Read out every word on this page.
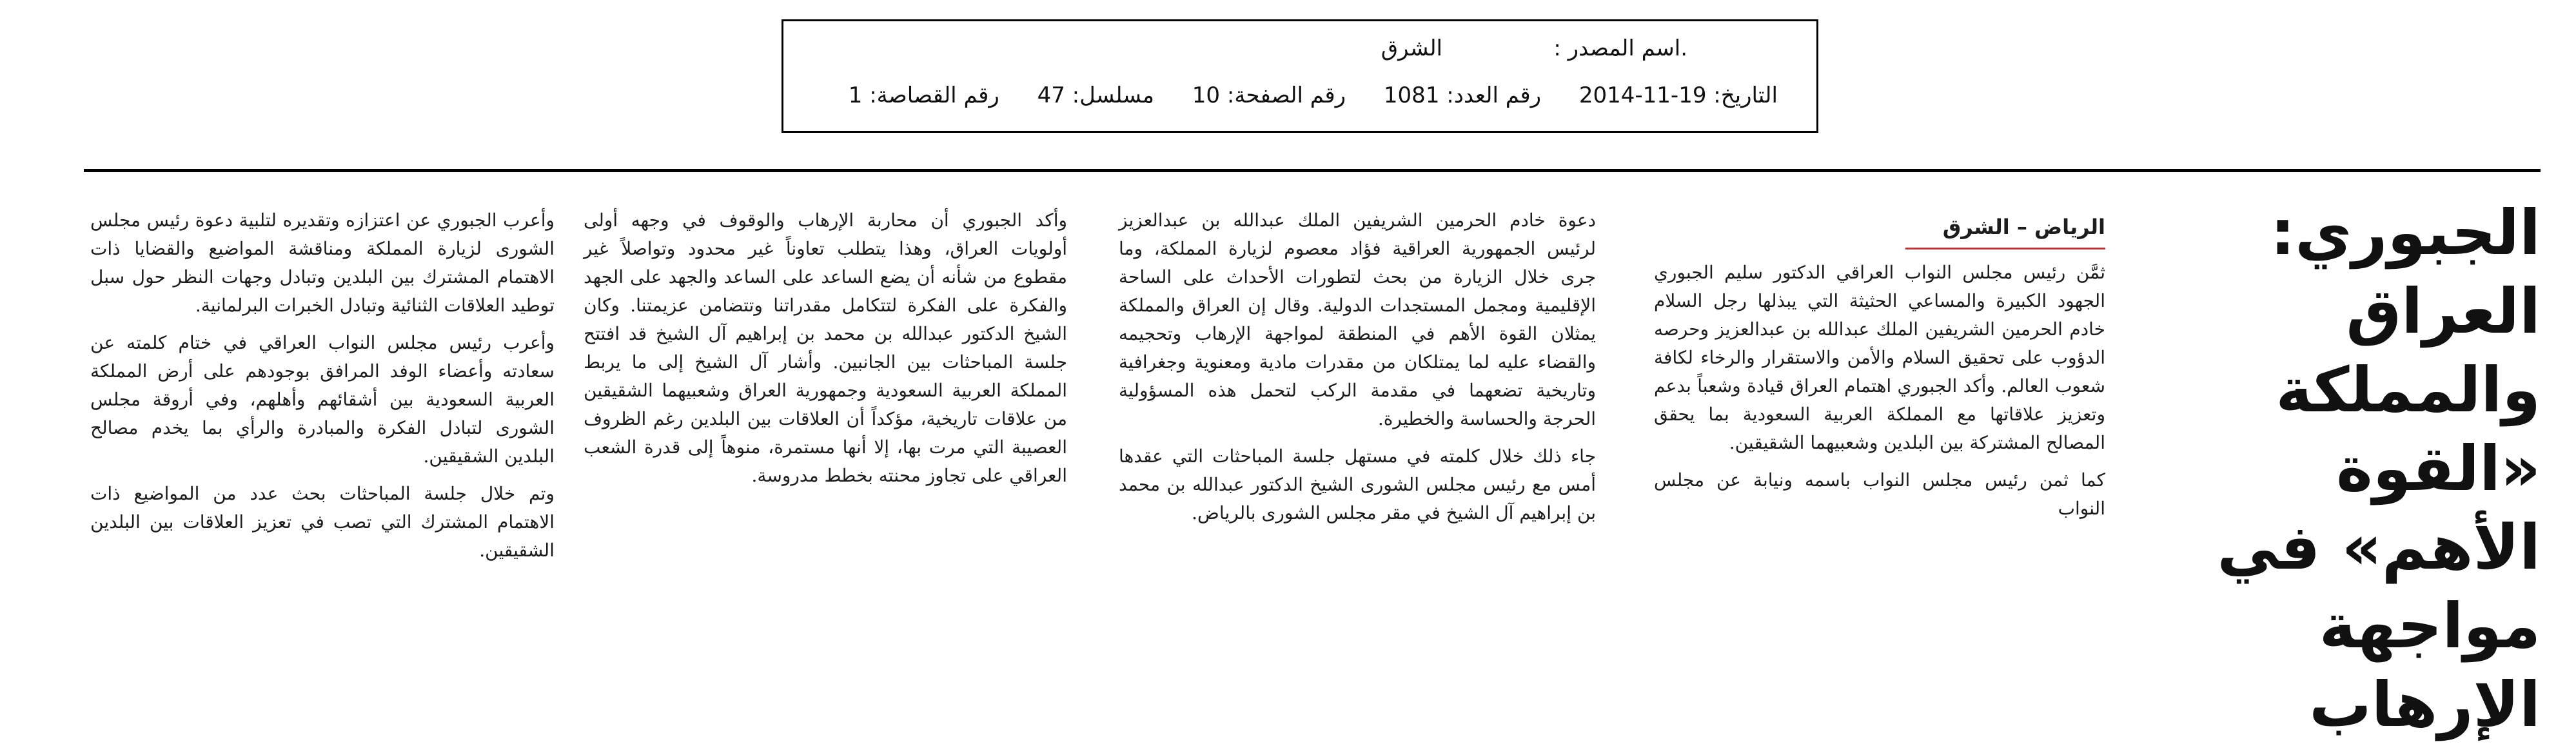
.اسم المصدر :
الشرق
التاريخ: 19-11-2014 رقم العدد: 1081 رقم الصفحة: 10 مسلسل: 47 رقم القصاصة: 1
الجبوري: العراق والمملكة «القوة الأهم» في مواجهة الإرهاب
الرياض – الشرق

ثمَّن رئيس مجلس النواب العراقي الدكتور سليم الجبوري الجهود الكبيرة والمساعي الحثيثة التي يبذلها رجل السلام خادم الحرمين الشريفين الملك عبدالله بن عبدالعزيز وحرصه الدؤوب على تحقيق السلام والأمن والاستقرار والرخاء لكافة شعوب العالم. وأكد الجبوري اهتمام العراق قيادة وشعباً بدعم وتعزيز علاقاتها مع المملكة العربية السعودية بما يحقق المصالح المشتركة بين البلدين وشعبيهما الشقيقين.

كما ثمن رئيس مجلس النواب باسمه ونيابة عن مجلس النواب

دعوة خادم الحرمين الشريفين الملك عبدالله بن عبدالعزيز لرئيس الجمهورية العراقية فؤاد معصوم لزيارة المملكة، وما جرى خلال الزيارة من بحث لتطورات الأحداث على الساحة الإقليمية ومجمل المستجدات الدولية. وقال إن العراق والمملكة يمثلان القوة الأهم في المنطقة لمواجهة الإرهاب وتحجيمه والقضاء عليه لما يمتلكان من مقدرات مادية ومعنوية وجغرافية وتاريخية تضعهما في مقدمة الركب لتحمل هذه المسؤولية الحرجة والحساسة والخطيرة.

جاء ذلك خلال كلمته في مستهل جلسة المباحثات التي عقدها أمس مع رئيس مجلس الشورى الشيخ الدكتور عبدالله بن محمد بن إبراهيم آل الشيخ في مقر مجلس الشورى بالرياض.

وأكد الجبوري أن محاربة الإرهاب والوقوف في وجهه أولى أولويات العراق، وهذا يتطلب تعاوناً غير محدود وتواصلاً غير مقطوع من شأنه أن يضع الساعد على الساعد والجهد على الجهد والفكرة على الفكرة لتتكامل مقدراتنا وتتضامن عزيمتنا. وكان الشيخ الدكتور عبدالله بن محمد بن إبراهيم آل الشيخ قد افتتح جلسة المباحثات بين الجانبين. وأشار آل الشيخ إلى ما يربط المملكة العربية السعودية وجمهورية العراق وشعبيهما الشقيقين من علاقات تاريخية، مؤكداً أن العلاقات بين البلدين رغم الظروف العصيبة التي مرت بها، إلا أنها مستمرة، منوهاً إلى قدرة الشعب العراقي على تجاوز محنته بخطط مدروسة.

وأعرب الجبوري عن اعتزازه وتقديره لتلبية دعوة رئيس مجلس الشورى لزيارة المملكة ومناقشة المواضيع والقضايا ذات الاهتمام المشترك بين البلدين وتبادل وجهات النظر حول سبل توطيد العلاقات الثنائية وتبادل الخبرات البرلمانية.

وأعرب رئيس مجلس النواب العراقي في ختام كلمته عن سعادته وأعضاء الوفد المرافق بوجودهم على أرض المملكة العربية السعودية بين أشقائهم وأهلهم، وفي أروقة مجلس الشورى لتبادل الفكرة والمبادرة والرأي بما يخدم مصالح البلدين الشقيقين.

وتم خلال جلسة المباحثات بحث عدد من المواضيع ذات الاهتمام المشترك التي تصب في تعزيز العلاقات بين البلدين الشقيقين.
